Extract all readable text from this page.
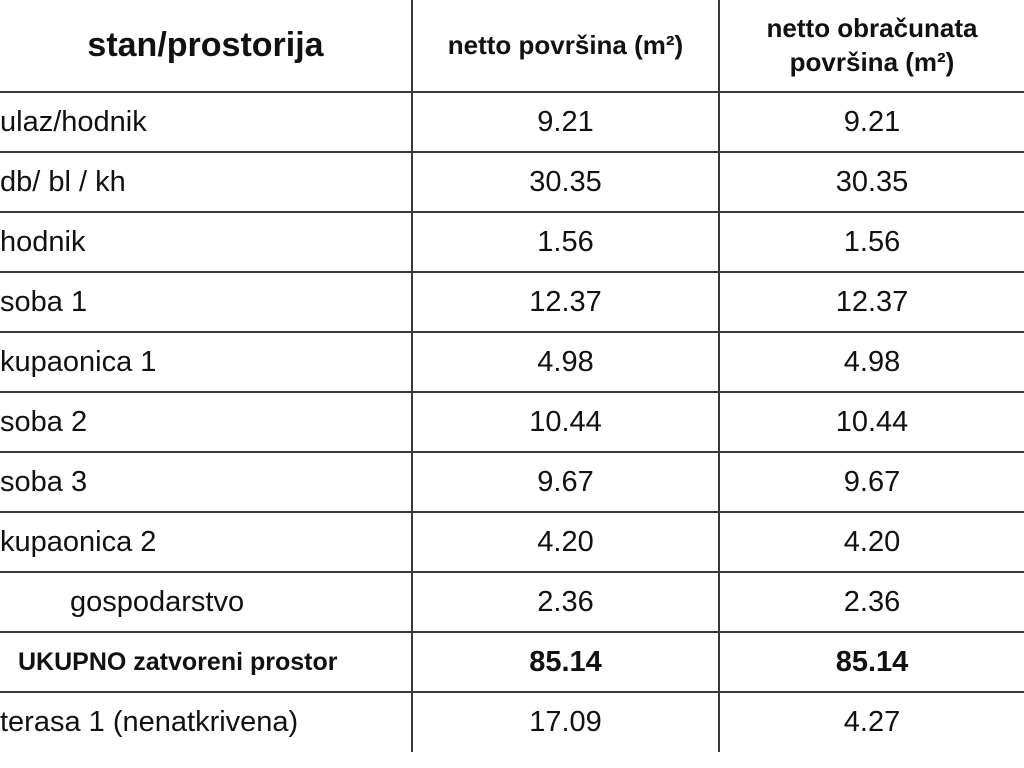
stan/prostorija	netto površina (m²)	netto obračunata
površina (m²)

ulaz/hodnik	9.21	9.21
db/ bl / kh	30.35	30.35
hodnik	1.56	1.56
soba 1	12.37	12.37
kupaonica 1	4.98	4.98
soba 2	10.44	10.44
soba 3	9.67	9.67
kupaonica 2	4.20	4.20
gospodarstvo	2.36	2.36
UKUPNO zatvoreni prostor	85.14	85.14
terasa 1 (nenatkrivena)	17.09	4.27
